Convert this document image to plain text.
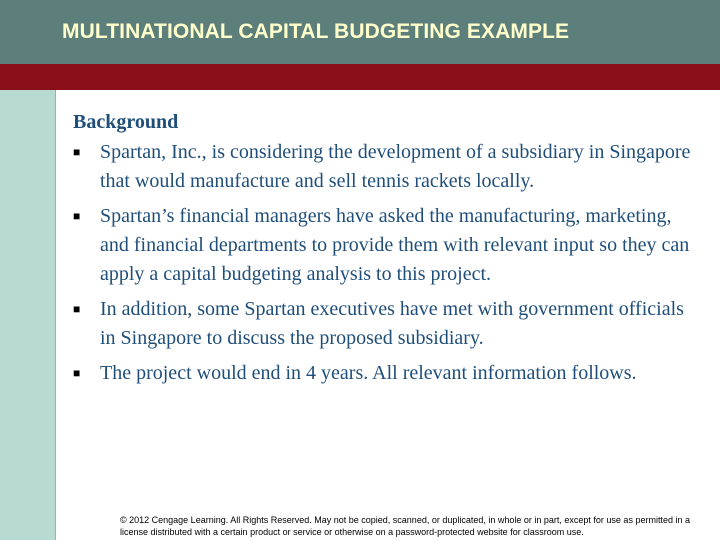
MULTINATIONAL CAPITAL BUDGETING EXAMPLE
Background
■ Spartan, Inc., is considering the development of a subsidiary in Singapore that would manufacture and sell tennis rackets locally.
■ Spartan’s financial managers have asked the manufacturing, marketing, and financial departments to provide them with relevant input so they can apply a capital budgeting analysis to this project.
■ In addition, some Spartan executives have met with government officials in Singapore to discuss the proposed subsidiary.
■ The project would end in 4 years. All relevant information follows.
© 2012 Cengage Learning. All Rights Reserved. May not be copied, scanned, or duplicated, in whole or in part, except for use as permitted in a license distributed with a certain product or service or otherwise on a password-protected website for classroom use.
